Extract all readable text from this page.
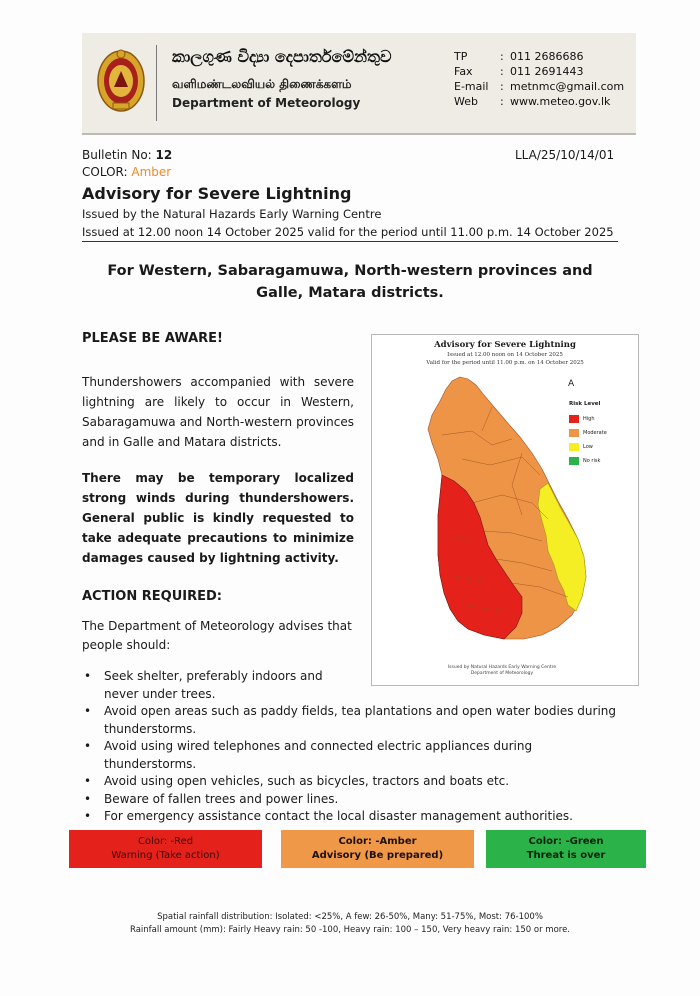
කාලගුණ විද්‍යා දෙපාර්තමේන්තුව
வளிமண்டலவியல் திணைக்களம்
Department of Meteorology
TP	: 011 2686686
Fax	: 011 2691443
E-mail	: metnmc@gmail.com
Web	: www.meteo.gov.lk
Bulletin No: 12	LLA/25/10/14/01
COLOR: Amber
Advisory for Severe Lightning
Issued by the Natural Hazards Early Warning Centre
Issued at 12.00 noon 14 October 2025 valid for the period until 11.00 p.m. 14 October 2025
For Western, Sabaragamuwa, North-western provinces and Galle, Matara districts.
PLEASE BE AWARE!
Thundershowers accompanied with severe lightning are likely to occur in Western, Sabaragamuwa and North-western provinces and in Galle and Matara districts.
There may be temporary localized strong winds during thundershowers. General public is kindly requested to take adequate precautions to minimize damages caused by lightning activity.
ACTION REQUIRED:
The Department of Meteorology advises that people should:
• Seek shelter, preferably indoors and never under trees.
• Avoid open areas such as paddy fields, tea plantations and open water bodies during thunderstorms.
• Avoid using wired telephones and connected electric appliances during thunderstorms.
• Avoid using open vehicles, such as bicycles, tractors and boats etc.
• Beware of fallen trees and power lines.
• For emergency assistance contact the local disaster management authorities.
Advisory for Severe Lightning
Issued at 12.00 noon on 14 October 2025
Valid for the period until 11.00 p.m. on 14 October 2025
A
Risk Level
High
Moderate
Low
No risk
Issued by Natural Hazards Early Warning Centre
Department of Meteorology
Color: -Red
Warning (Take action)
Color: -Amber
Advisory (Be prepared)
Color: -Green
Threat is over
Spatial rainfall distribution: Isolated: <25%, A few: 26-50%, Many: 51-75%, Most: 76-100%
Rainfall amount (mm): Fairly Heavy rain: 50 -100, Heavy rain: 100 – 150, Very heavy rain: 150 or more.
